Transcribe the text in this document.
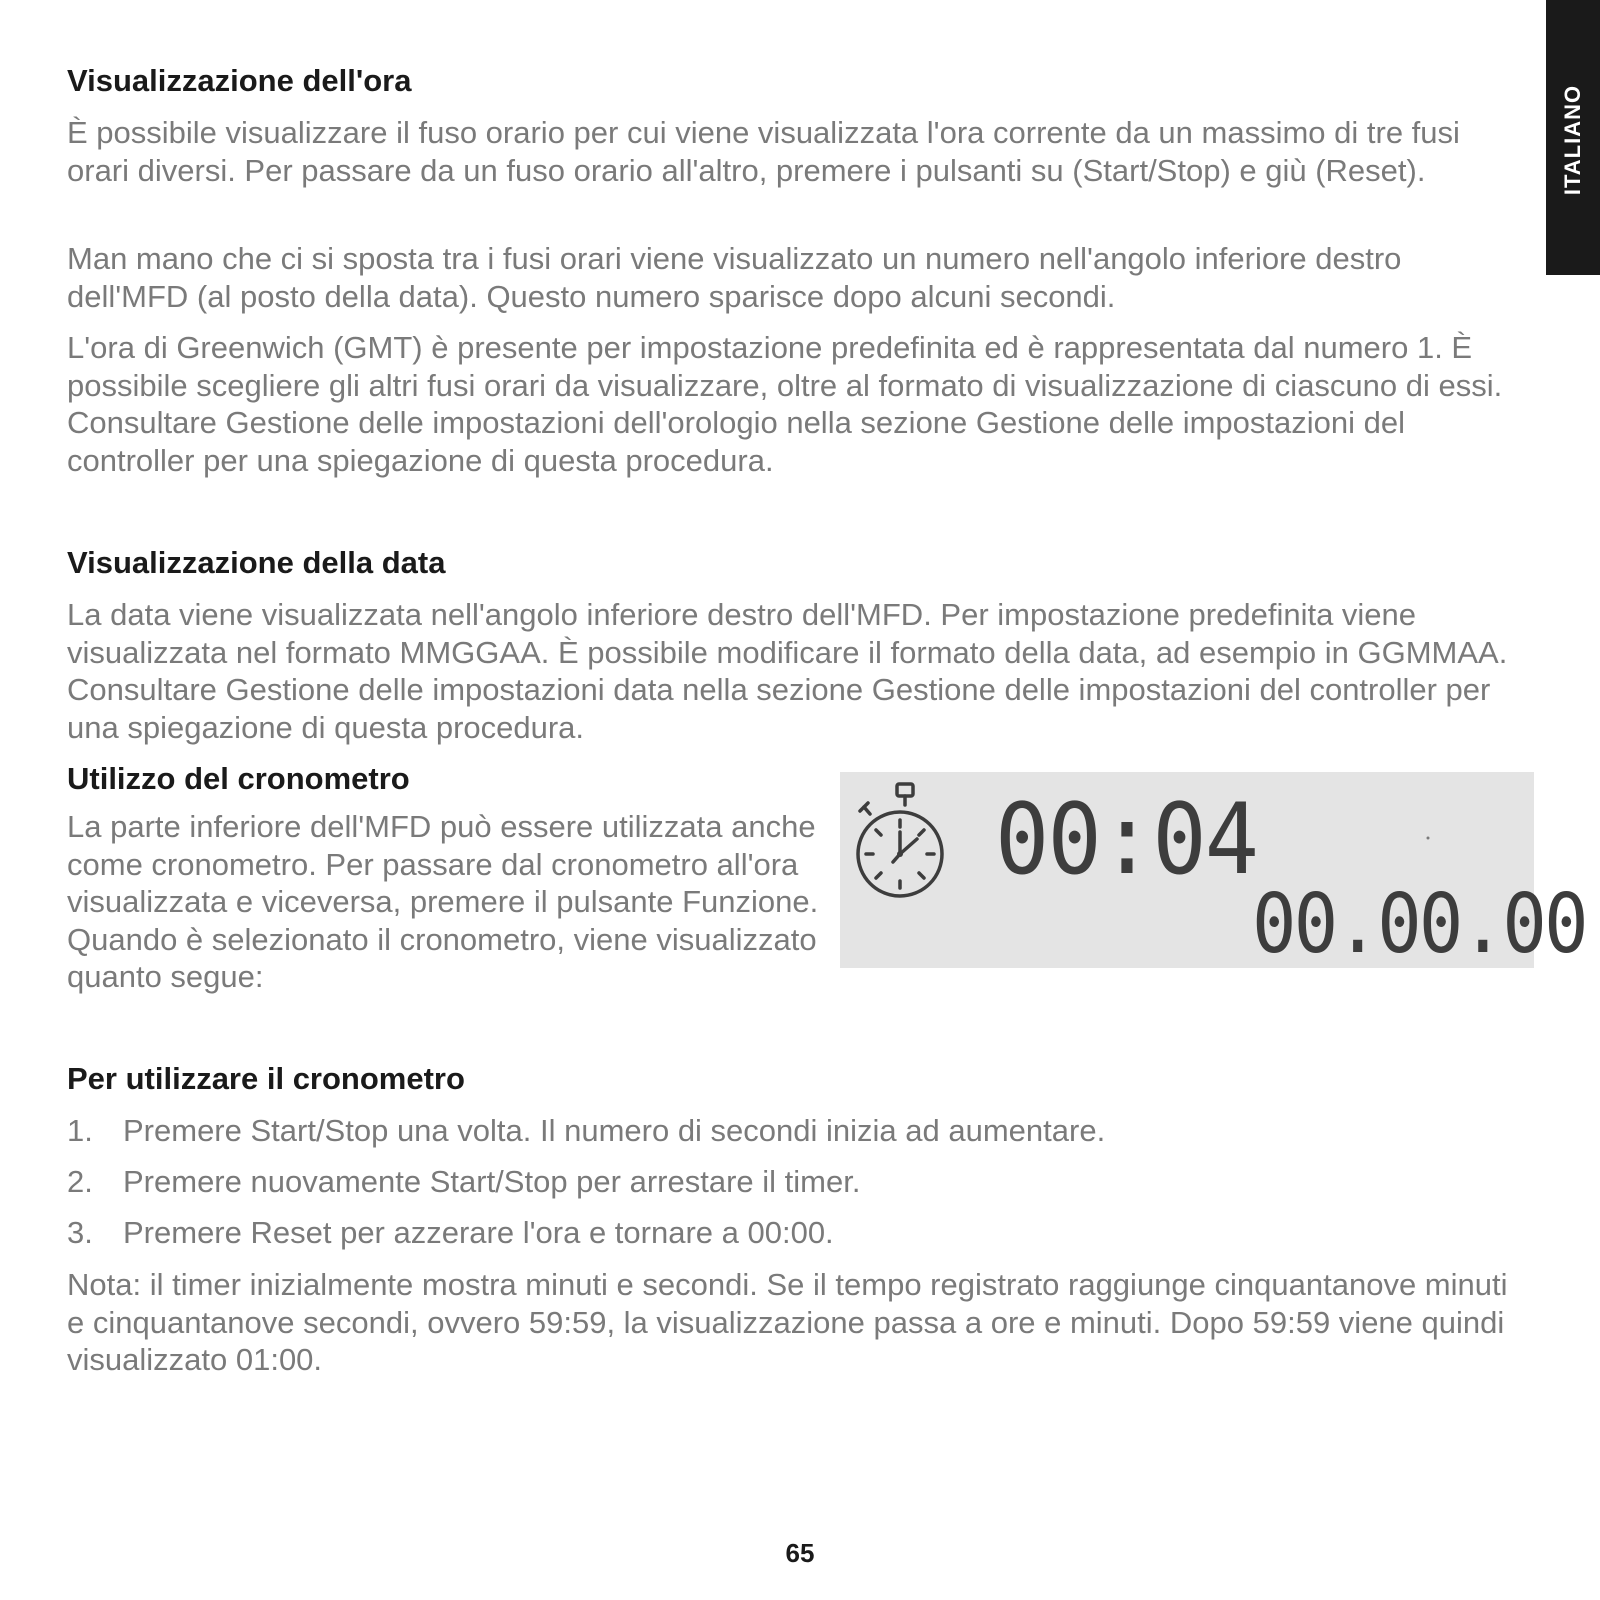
ITALIANO
Visualizzazione dell'ora

È possibile visualizzare il fuso orario per cui viene visualizzata l'ora corrente da un massimo di tre fusi orari diversi. Per passare da un fuso orario all'altro, premere i pulsanti su (Start/Stop) e giù (Reset).

Man mano che ci si sposta tra i fusi orari viene visualizzato un numero nell'angolo inferiore destro dell'MFD (al posto della data). Questo numero sparisce dopo alcuni secondi.

L'ora di Greenwich (GMT) è presente per impostazione predefinita ed è rappresentata dal numero 1. È possibile scegliere gli altri fusi orari da visualizzare, oltre al formato di visualizzazione di ciascuno di essi. Consultare Gestione delle impostazioni dell'orologio nella sezione Gestione delle impostazioni del controller per una spiegazione di questa procedura.

Visualizzazione della data

La data viene visualizzata nell'angolo inferiore destro dell'MFD. Per impostazione predefinita viene visualizzata nel formato MMGGAA. È possibile modificare il formato della data, ad esempio in GGMMAA. Consultare Gestione delle impostazioni data nella sezione Gestione delle impostazioni del controller per una spiegazione di questa procedura.

Utilizzo del cronometro

La parte inferiore dell'MFD può essere utilizzata anche come cronometro. Per passare dal cronometro all'ora visualizzata e viceversa, premere il pulsante Funzione. Quando è selezionato il cronometro, viene visualizzato quanto segue:

00:04
00.00.00
Per utilizzare il cronometro
1. Premere Start/Stop una volta. Il numero di secondi inizia ad aumentare.
2. Premere nuovamente Start/Stop per arrestare il timer.
3. Premere Reset per azzerare l'ora e tornare a 00:00.

Nota: il timer inizialmente mostra minuti e secondi. Se il tempo registrato raggiunge cinquantanove minuti e cinquantanove secondi, ovvero 59:59, la visualizzazione passa a ore e minuti. Dopo 59:59 viene quindi visualizzato 01:00.

65
